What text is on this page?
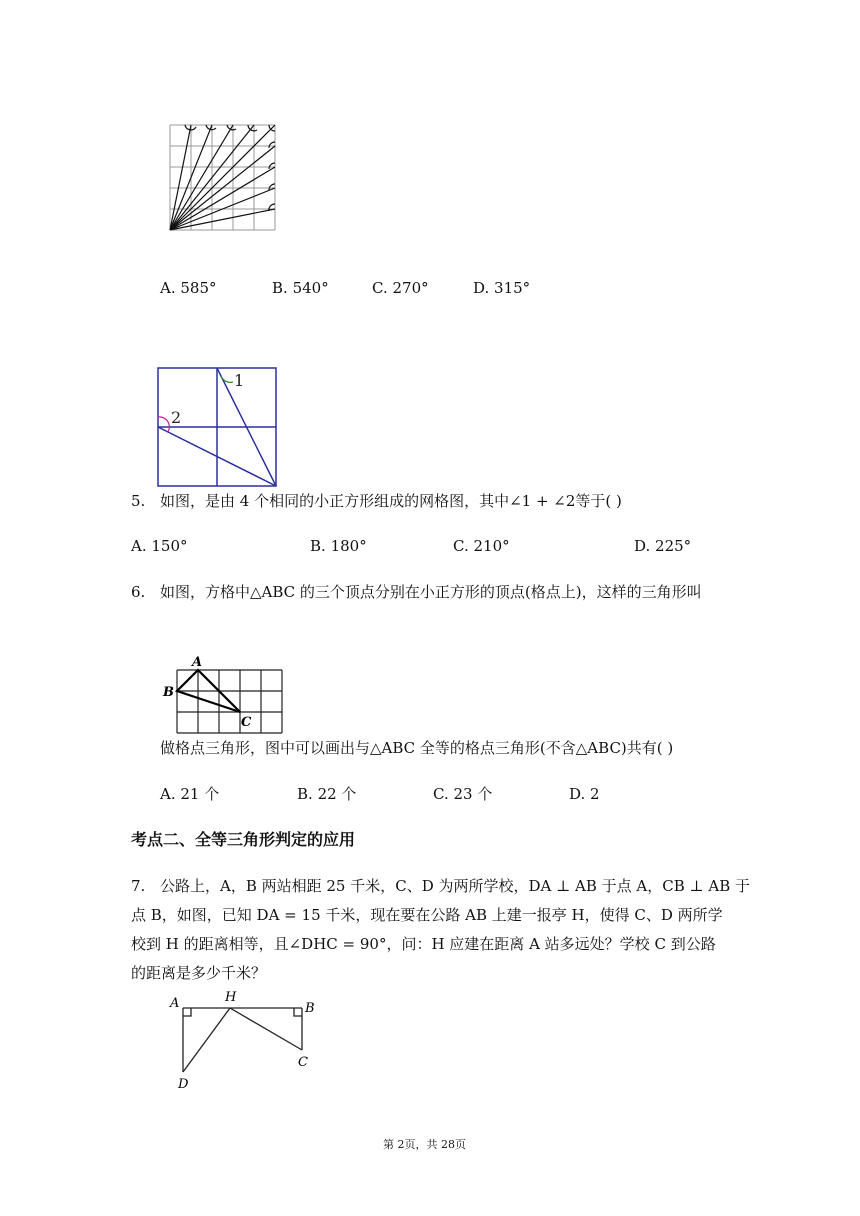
A. 585°	B. 540°	C. 270°	D. 315°
1
2
5. 如图，是由 4 个相同的小正方形组成的网格图，其中∠1 + ∠2等于( )
A. 150°	B. 180°	C. 210°	D. 225°
6. 如图，方格中△ABC 的三个顶点分别在小正方形的顶点(格点上)，这样的三角形叫
A
B
C
做格点三角形，图中可以画出与△ABC 全等的格点三角形(不含△ABC)共有( )
A. 21 个	B. 22 个	C. 23 个	D. 2
考点二、全等三角形判定的应用
7. 公路上，A，B 两站相距 25 千米，C、D 为两所学校，DA ⊥ AB 于点 A，CB ⊥ AB 于
点 B，如图，已知 DA = 15 千米，现在要在公路 AB 上建一报亭 H，使得 C、D 两所学
校到 H 的距离相等，且∠DHC = 90°，问：H 应建在距离 A 站多远处？学校 C 到公路
的距离是多少千米？
A	H
B
C
D
第 2页，共 28页
